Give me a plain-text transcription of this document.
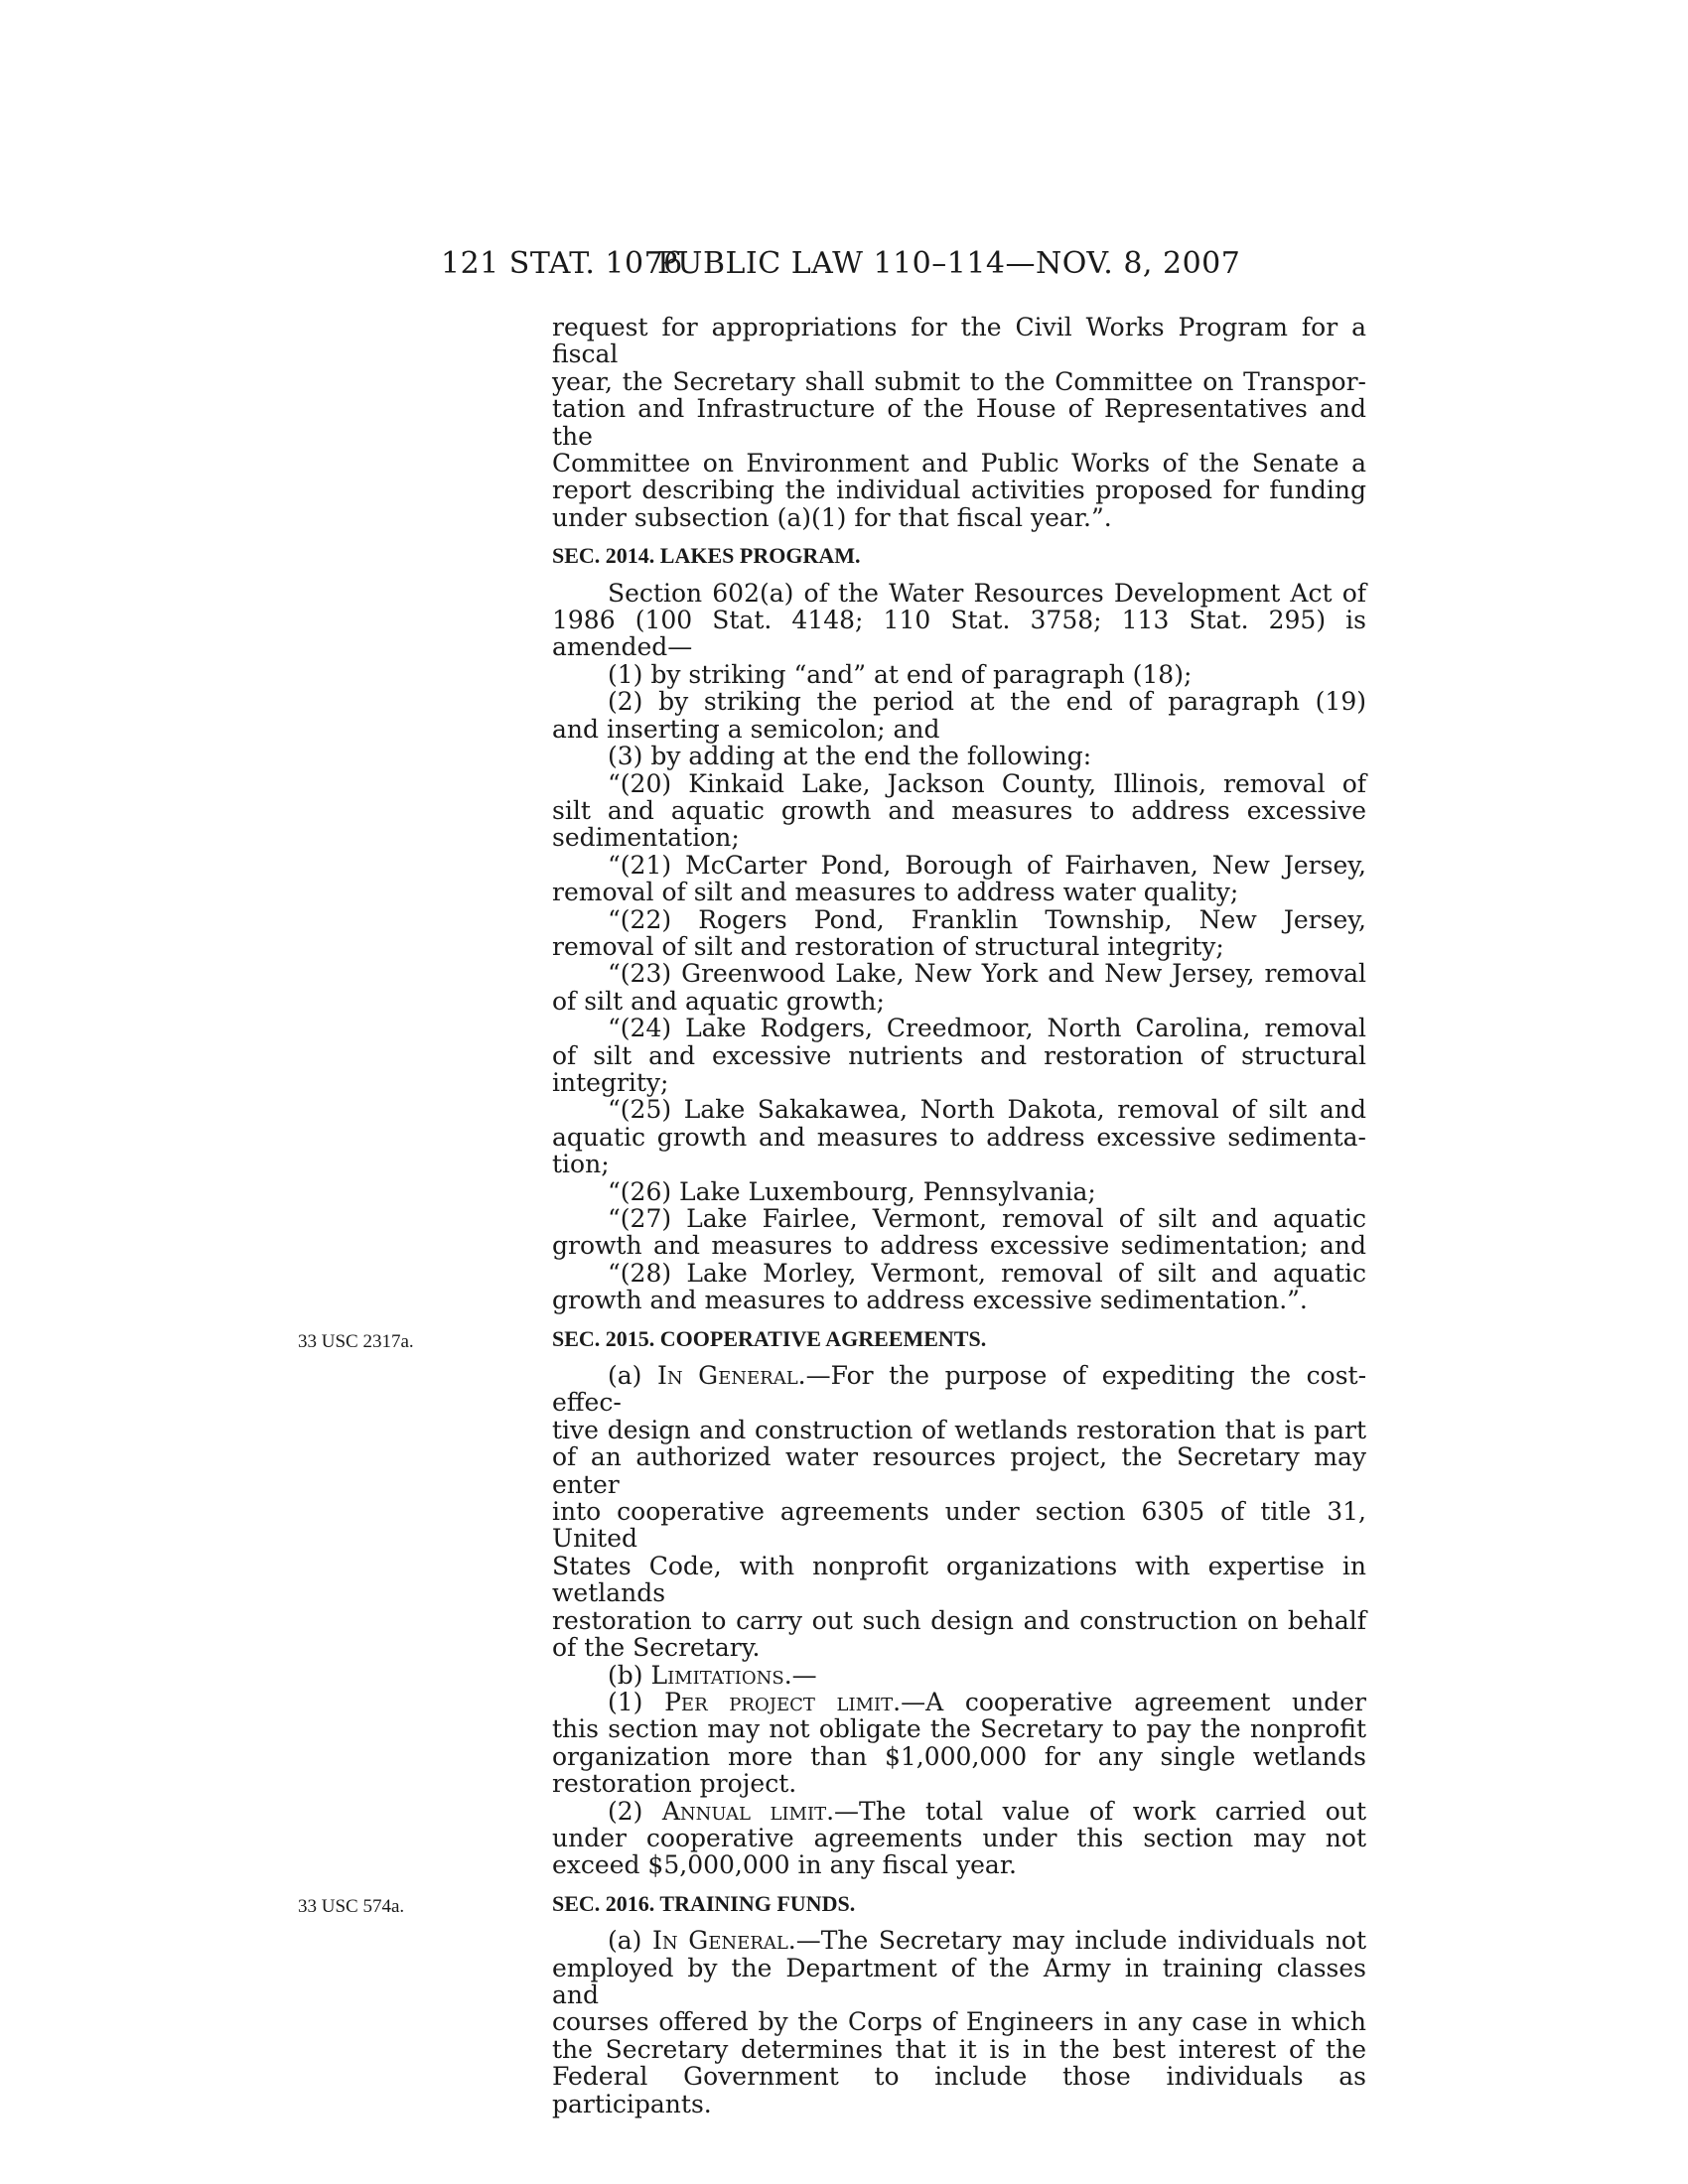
121 STAT. 1076
PUBLIC LAW 110–114—NOV. 8, 2007

request for appropriations for the Civil Works Program for a fiscal

year, the Secretary shall submit to the Committee on Transpor-

tation and Infrastructure of the House of Representatives and the

Committee on Environment and Public Works of the Senate a

report describing the individual activities proposed for funding

under subsection (a)(1) for that fiscal year.”.

SEC. 2014. LAKES PROGRAM.

Section 602(a) of the Water Resources Development Act of

1986 (100 Stat. 4148; 110 Stat. 3758; 113 Stat. 295) is amended—

(1) by striking “and” at end of paragraph (18);

(2) by striking the period at the end of paragraph (19)

and inserting a semicolon; and

(3) by adding at the end the following:

“(20) Kinkaid Lake, Jackson County, Illinois, removal of

silt and aquatic growth and measures to address excessive

sedimentation;

“(21) McCarter Pond, Borough of Fairhaven, New Jersey,

removal of silt and measures to address water quality;

“(22) Rogers Pond, Franklin Township, New Jersey,

removal of silt and restoration of structural integrity;

“(23) Greenwood Lake, New York and New Jersey, removal

of silt and aquatic growth;

“(24) Lake Rodgers, Creedmoor, North Carolina, removal

of silt and excessive nutrients and restoration of structural

integrity;

“(25) Lake Sakakawea, North Dakota, removal of silt and

aquatic growth and measures to address excessive sedimenta-

tion;

“(26) Lake Luxembourg, Pennsylvania;

“(27) Lake Fairlee, Vermont, removal of silt and aquatic

growth and measures to address excessive sedimentation; and

“(28) Lake Morley, Vermont, removal of silt and aquatic

growth and measures to address excessive sedimentation.”.

33 USC 2317a.	SEC. 2015. COOPERATIVE AGREEMENTS.

(a) In General.—For the purpose of expediting the cost-effec-

tive design and construction of wetlands restoration that is part

of an authorized water resources project, the Secretary may enter

into cooperative agreements under section 6305 of title 31, United

States Code, with nonprofit organizations with expertise in wetlands

restoration to carry out such design and construction on behalf

of the Secretary.

(b) Limitations.—

(1) Per project limit.—A cooperative agreement under

this section may not obligate the Secretary to pay the nonprofit

organization more than $1,000,000 for any single wetlands

restoration project.

(2) Annual limit.—The total value of work carried out

under cooperative agreements under this section may not

exceed $5,000,000 in any fiscal year.

33 USC 574a.	SEC. 2016. TRAINING FUNDS.

(a) In General.—The Secretary may include individuals not

employed by the Department of the Army in training classes and

courses offered by the Corps of Engineers in any case in which

the Secretary determines that it is in the best interest of the

Federal Government to include those individuals as participants.
